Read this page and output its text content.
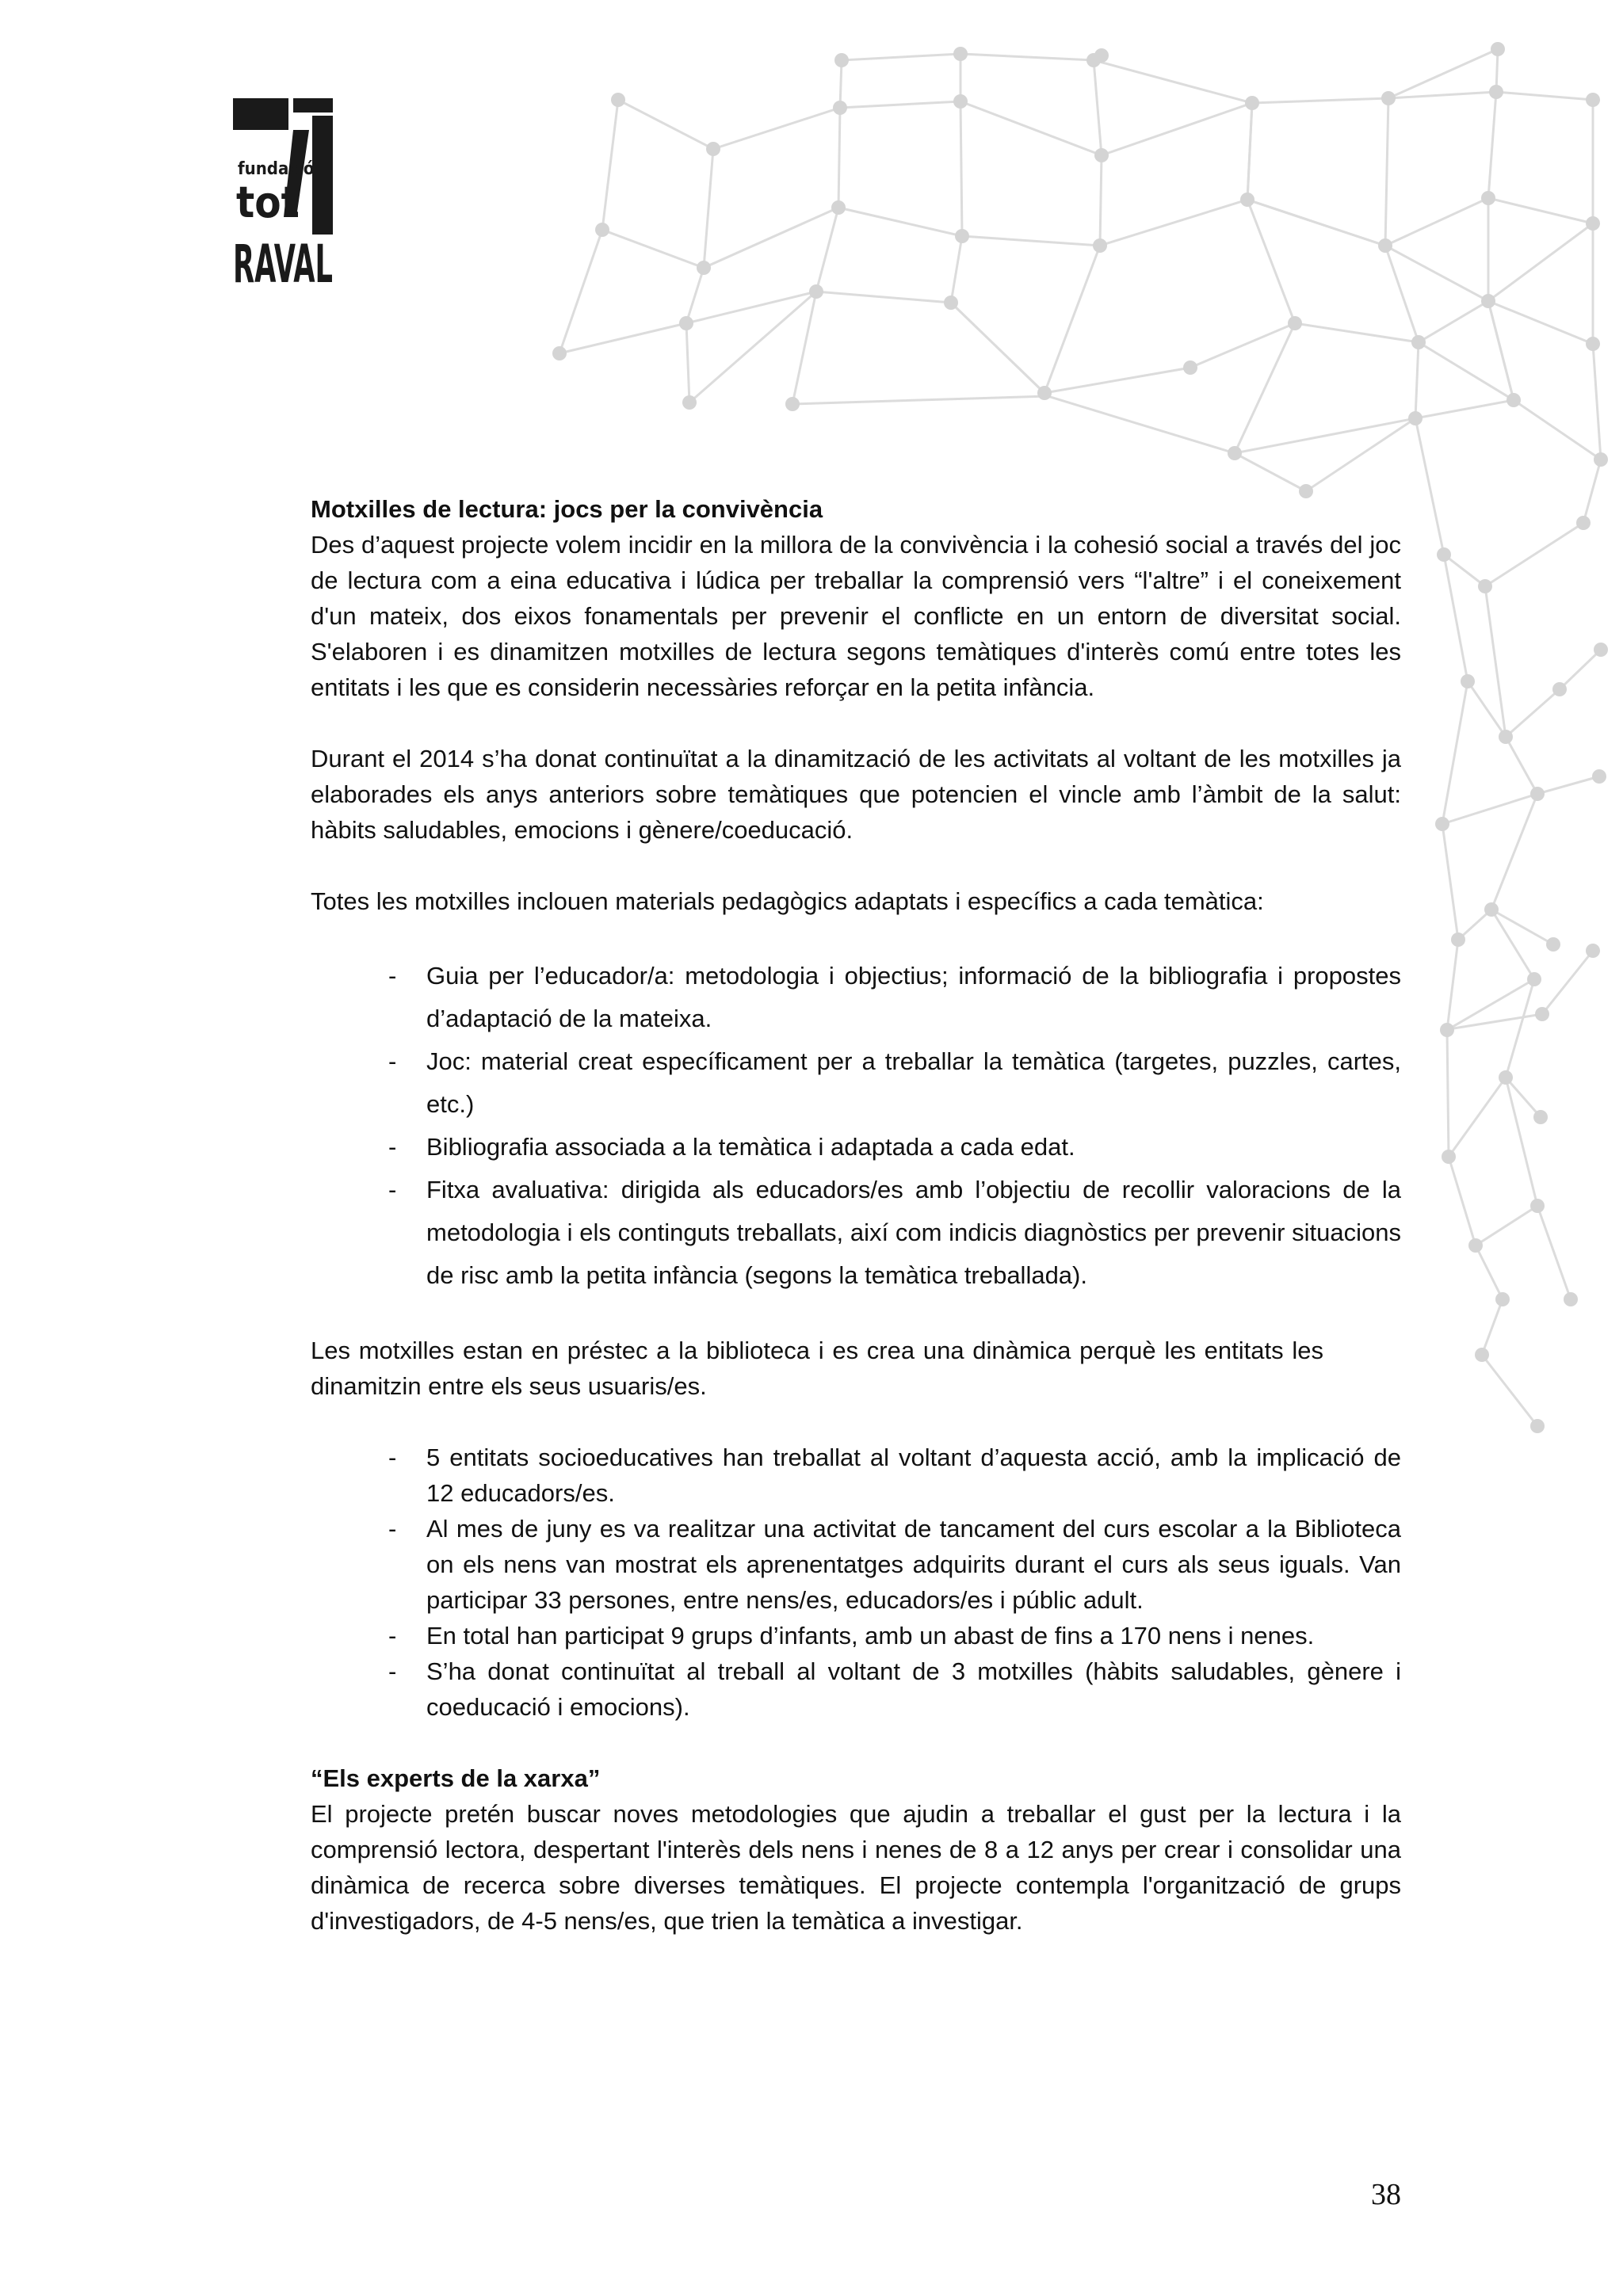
fundació
tot
RAVAL

Motxilles de lectura: jocs per la convivència

Des d’aquest projecte volem incidir en la millora de la convivència i la cohesió social a través del joc de lectura com a eina educativa i lúdica per treballar la comprensió vers “l'altre” i el coneixement d'un mateix, dos eixos fonamentals per prevenir el conflicte en un entorn de diversitat social. S'elaboren i es dinamitzen motxilles de lectura segons temàtiques d'interès comú entre totes les entitats i les que es considerin necessàries reforçar en la petita infància.

Durant el 2014 s’ha donat continuïtat a la dinamització de les activitats al voltant de les motxilles ja elaborades els anys anteriors sobre temàtiques que potencien el vincle amb l’àmbit de la salut: hàbits saludables, emocions i gènere/coeducació.

Totes les motxilles inclouen materials pedagògics adaptats i específics a cada temàtica:

-	Guia per l’educador/a: metodologia i objectius; informació de la bibliografia i propostes d’adaptació de la mateixa.
-	Joc: material creat específicament per a treballar la temàtica (targetes, puzzles, cartes, etc.)
-	Bibliografia associada a la temàtica i adaptada a cada edat.
-	Fitxa avaluativa: dirigida als educadors/es amb l’objectiu de recollir valoracions de la metodologia i els continguts treballats, així com indicis diagnòstics per prevenir situacions de risc amb la petita infància (segons la temàtica treballada).

Les motxilles estan en préstec a la biblioteca i es crea una dinàmica perquè les entitats les dinamitzin entre els seus usuaris/es.

-	5 entitats socioeducatives han treballat al voltant d’aquesta acció, amb la implicació de 12 educadors/es.
-	Al mes de juny es va realitzar una activitat de tancament del curs escolar a la Biblioteca on els nens van mostrat els aprenentatges adquirits durant el curs als seus iguals. Van participar 33 persones, entre nens/es, educadors/es i públic adult.
-	En total han participat 9 grups d’infants, amb un abast de fins a 170 nens i nenes.
-	S’ha donat continuïtat al treball al voltant de 3 motxilles (hàbits saludables, gènere i coeducació i emocions).

“Els experts de la xarxa”

El projecte pretén buscar noves metodologies que ajudin a treballar el gust per la lectura i la comprensió lectora, despertant l'interès dels nens i nenes de 8 a 12 anys per crear i consolidar una dinàmica de recerca sobre diverses temàtiques. El projecte contempla l'organització de grups d'investigadors, de 4-5 nens/es, que trien la temàtica a investigar.

38
